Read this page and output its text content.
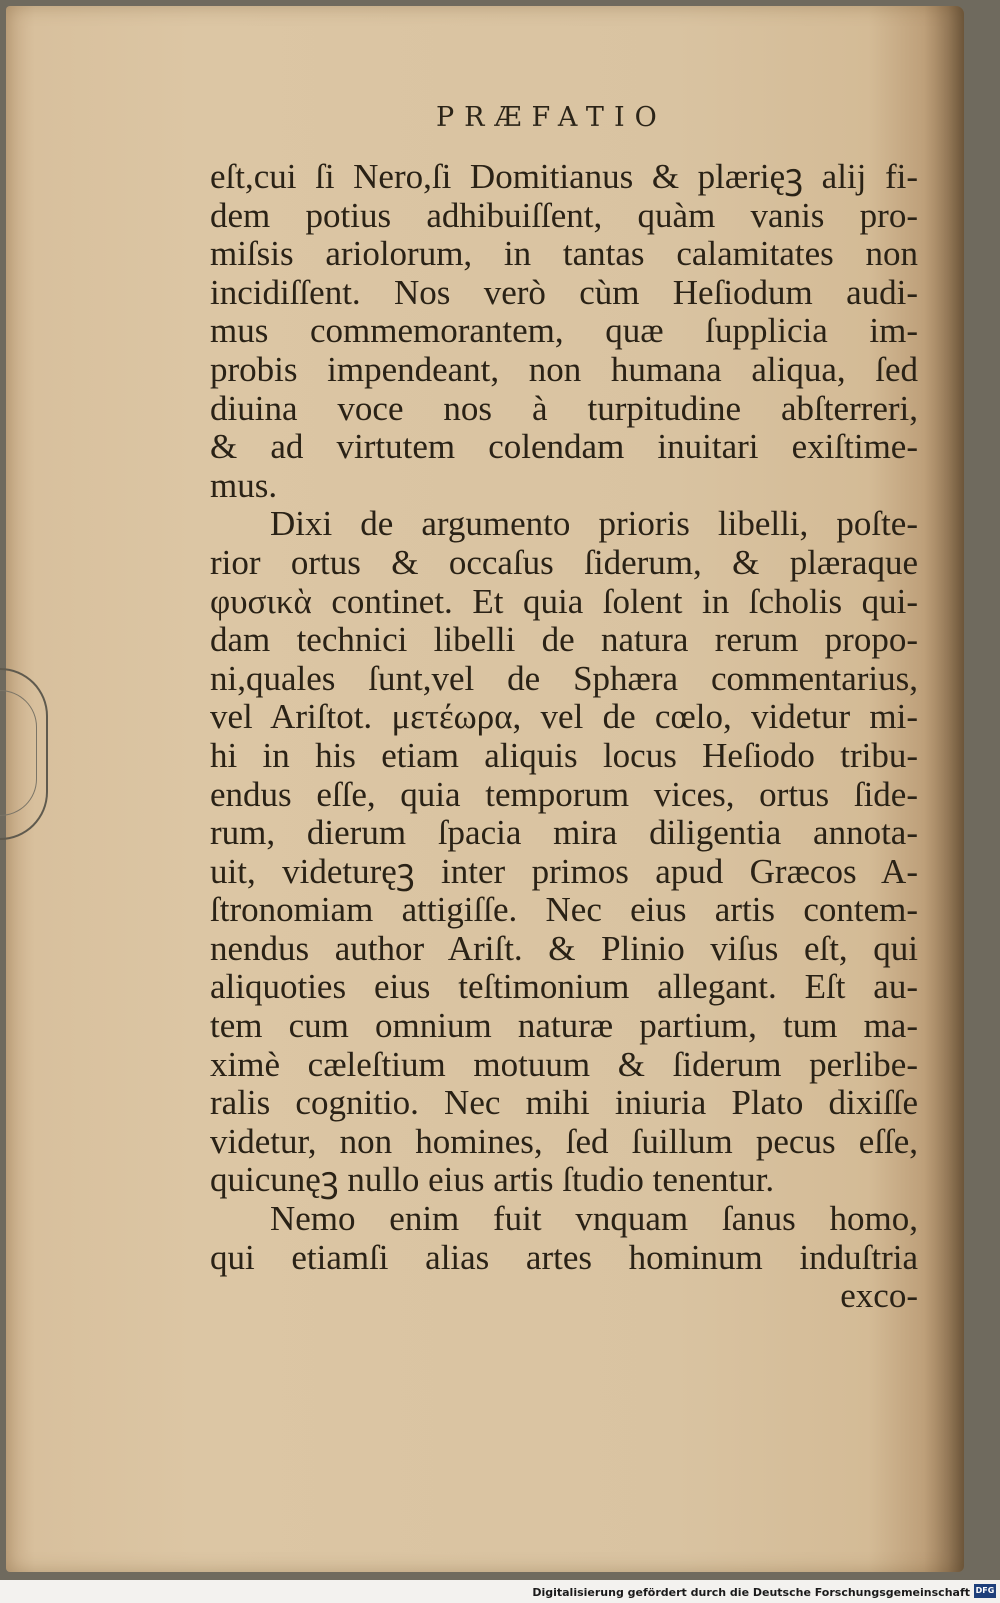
PRÆFATIO
eſt,cui ſi Nero,ſi Domitianus & plærięꝫ alij fi-
dem potius adhibuiſſent, quàm vanis pro-
miſsis ariolorum, in tantas calamitates non
incidiſſent. Nos verò cùm Heſiodum audi-
mus commemorantem, quæ ſupplicia im-
probis impendeant, non humana aliqua, ſed
diuina voce nos à turpitudine abſterreri,
& ad virtutem colendam inuitari exiſtime-
mus.
Dixi de argumento prioris libelli, poſte-
rior ortus & occaſus ſiderum, & plæraque
φυσικὰ continet. Et quia ſolent in ſcholis qui-
dam technici libelli de natura rerum propo-
ni,quales ſunt,vel de Sphæra commentarius,
vel Ariſtot. μετέωρα, vel de cœlo, videtur mi-
hi in his etiam aliquis locus Heſiodo tribu-
endus eſſe, quia temporum vices, ortus ſide-
rum, dierum ſpacia mira diligentia annota-
uit, videturęꝫ inter primos apud Græcos A-
ſtronomiam attigiſſe. Nec eius artis contem-
nendus author Ariſt. & Plinio viſus eſt, qui
aliquoties eius teſtimonium allegant. Eſt au-
tem cum omnium naturæ partium, tum ma-
ximè cæleſtium motuum & ſiderum perlibe-
ralis cognitio. Nec mihi iniuria Plato dixiſſe
videtur, non homines, ſed ſuillum pecus eſſe,
quicunęꝫ nullo eius artis ſtudio tenentur.
Nemo enim fuit vnquam ſanus homo,
qui etiamſi alias artes hominum induſtria
exco-
Digitalisierung gefördert durch die Deutsche Forschungsgemeinschaft DFG
